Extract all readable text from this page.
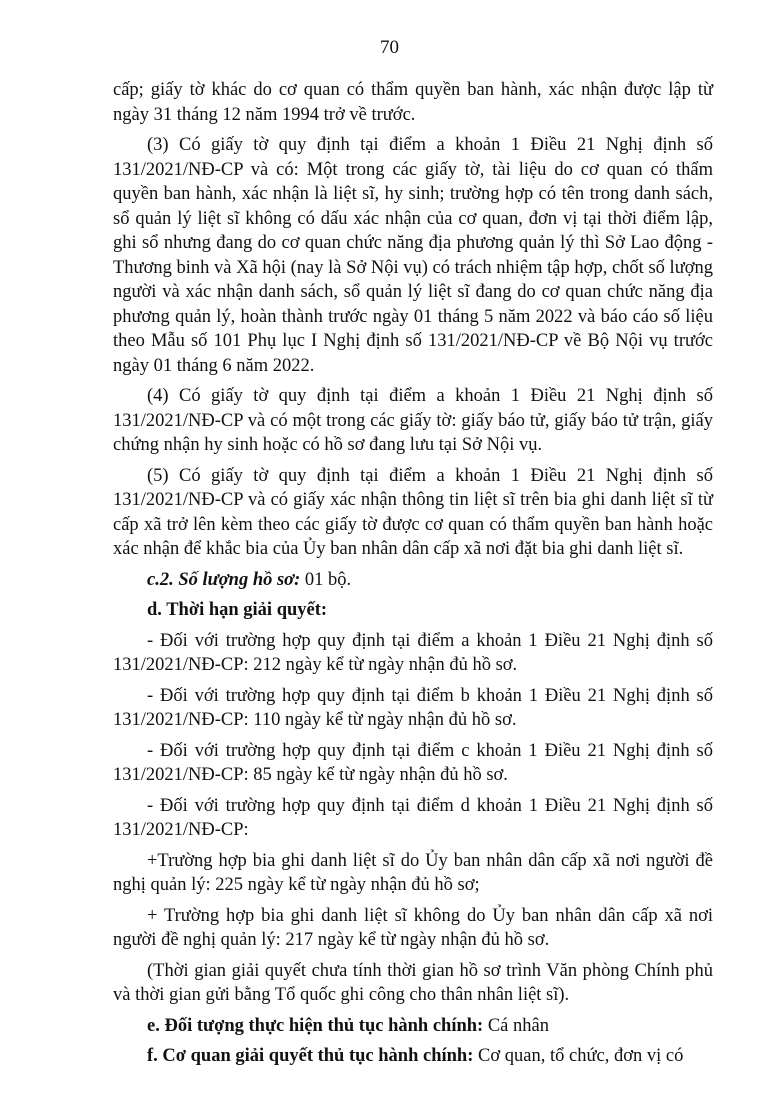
70

cấp; giấy tờ khác do cơ quan có thẩm quyền ban hành, xác nhận được lập từ ngày 31 tháng 12 năm 1994 trở về trước.

(3) Có giấy tờ quy định tại điểm a khoản 1 Điều 21 Nghị định số 131/2021/NĐ-CP và có: Một trong các giấy tờ, tài liệu do cơ quan có thẩm quyền ban hành, xác nhận là liệt sĩ, hy sinh; trường hợp có tên trong danh sách, sổ quản lý liệt sĩ không có dấu xác nhận của cơ quan, đơn vị tại thời điểm lập, ghi sổ nhưng đang do cơ quan chức năng địa phương quản lý thì Sở Lao động - Thương binh và Xã hội (nay là Sở Nội vụ) có trách nhiệm tập hợp, chốt số lượng người và xác nhận danh sách, sổ quản lý liệt sĩ đang do cơ quan chức năng địa phương quản lý, hoàn thành trước ngày 01 tháng 5 năm 2022 và báo cáo số liệu theo Mẫu số 101 Phụ lục I Nghị định số 131/2021/NĐ-CP về Bộ Nội vụ trước ngày 01 tháng 6 năm 2022.

(4) Có giấy tờ quy định tại điểm a khoản 1 Điều 21 Nghị định số 131/2021/NĐ-CP và có một trong các giấy tờ: giấy báo tử, giấy báo tử trận, giấy chứng nhận hy sinh hoặc có hồ sơ đang lưu tại Sở Nội vụ.

(5) Có giấy tờ quy định tại điểm a khoản 1 Điều 21 Nghị định số 131/2021/NĐ-CP và có giấy xác nhận thông tin liệt sĩ trên bia ghi danh liệt sĩ từ cấp xã trở lên kèm theo các giấy tờ được cơ quan có thẩm quyền ban hành hoặc xác nhận để khắc bia của Ủy ban nhân dân cấp xã nơi đặt bia ghi danh liệt sĩ.

c.2. Số lượng hồ sơ: 01 bộ.

d. Thời hạn giải quyết:

- Đối với trường hợp quy định tại điểm a khoản 1 Điều 21 Nghị định số 131/2021/NĐ-CP: 212 ngày kể từ ngày nhận đủ hồ sơ.

- Đối với trường hợp quy định tại điểm b khoản 1 Điều 21 Nghị định số 131/2021/NĐ-CP: 110 ngày kể từ ngày nhận đủ hồ sơ.

- Đối với trường hợp quy định tại điểm c khoản 1 Điều 21 Nghị định số 131/2021/NĐ-CP: 85 ngày kể từ ngày nhận đủ hồ sơ.

- Đối với trường hợp quy định tại điểm d khoản 1 Điều 21 Nghị định số 131/2021/NĐ-CP:

+Trường hợp bia ghi danh liệt sĩ do Ủy ban nhân dân cấp xã nơi người đề nghị quản lý: 225 ngày kể từ ngày nhận đủ hồ sơ;

+ Trường hợp bia ghi danh liệt sĩ không do Ủy ban nhân dân cấp xã nơi người đề nghị quản lý: 217 ngày kể từ ngày nhận đủ hồ sơ.

(Thời gian giải quyết chưa tính thời gian hồ sơ trình Văn phòng Chính phủ và thời gian gửi bằng Tổ quốc ghi công cho thân nhân liệt sĩ).

e. Đối tượng thực hiện thủ tục hành chính: Cá nhân

f. Cơ quan giải quyết thủ tục hành chính: Cơ quan, tổ chức, đơn vị có
